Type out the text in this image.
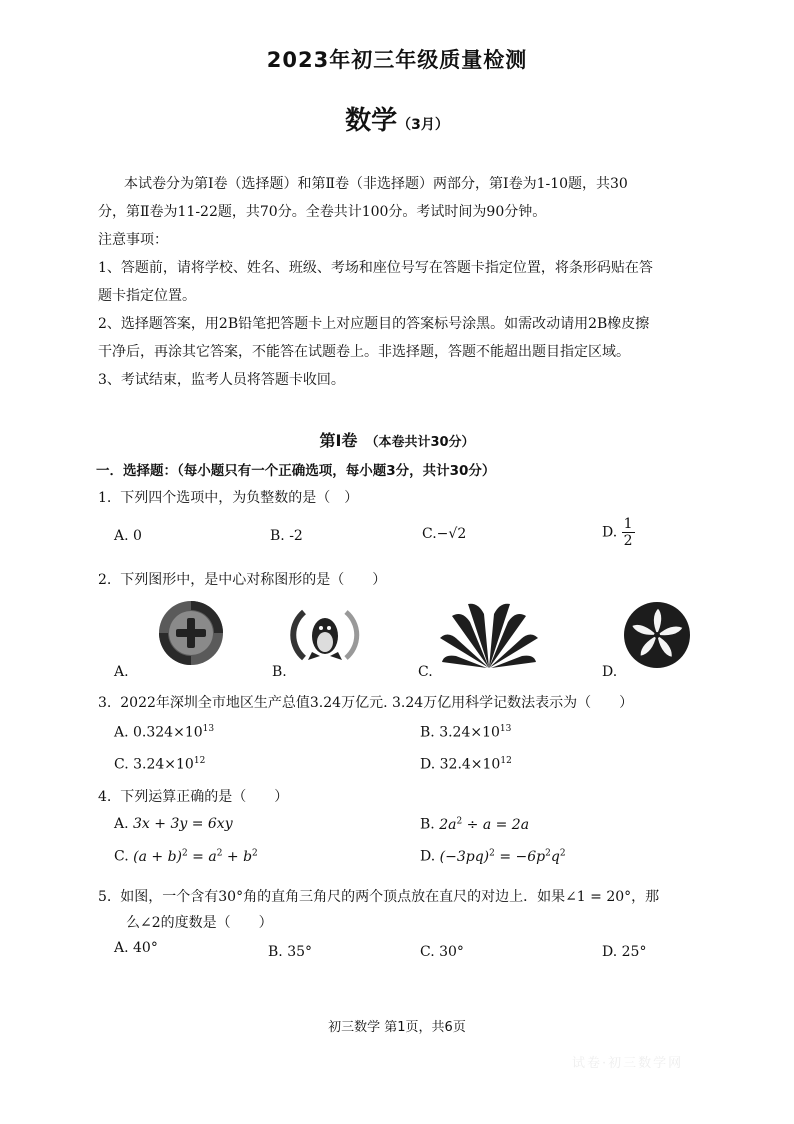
2023年初三年级质量检测
数学（3月）
本试卷分为第Ⅰ卷（选择题）和第Ⅱ卷（非选择题）两部分，第Ⅰ卷为1-10题，共30
分，第Ⅱ卷为11-22题，共70分。全卷共计100分。考试时间为90分钟。
注意事项：
1、答题前，请将学校、姓名、班级、考场和座位号写在答题卡指定位置，将条形码贴在答
题卡指定位置。
2、选择题答案，用2B铅笔把答题卡上对应题目的答案标号涂黑。如需改动请用2B橡皮擦
干净后，再涂其它答案，不能答在试题卷上。非选择题，答题不能超出题目指定区域。
3、考试结束，监考人员将答题卡收回。
第Ⅰ卷 （本卷共计30分）
一．选择题：（每小题只有一个正确选项，每小题3分，共计30分）
1. 下列四个选项中，为负整数的是（　）
A. 0	B. -2	C.−√2	D. $\frac{1}{2}$
2. 下列图形中，是中心对称图形的是（　　）
A.	B.	C.	D.
3. 2022年深圳全市地区生产总值3.24万亿元. 3.24万亿用科学记数法表示为（　　）
A. $0.324\times 10^{13}$	B. $3.24\times 10^{13}$
C. $3.24\times 10^{12}$	D. $32.4\times 10^{12}$
4. 下列运算正确的是（　　）
A. 3x + 3y = 6xy	B. $2a^2 \div a = 2a$
C. $(a + b)^2 = a^2 + b^2$	D. $(-3pq)^2 = -6p^2q^2$
5. 如图，一个含有30°角的直角三角尺的两个顶点放在直尺的对边上．如果∠1 = 20°，那
么∠2的度数是（　　）
A. 40°	B. 35°	C. 30°	D. 25°
初三数学 第1页，共6页
试卷·初三数学网
